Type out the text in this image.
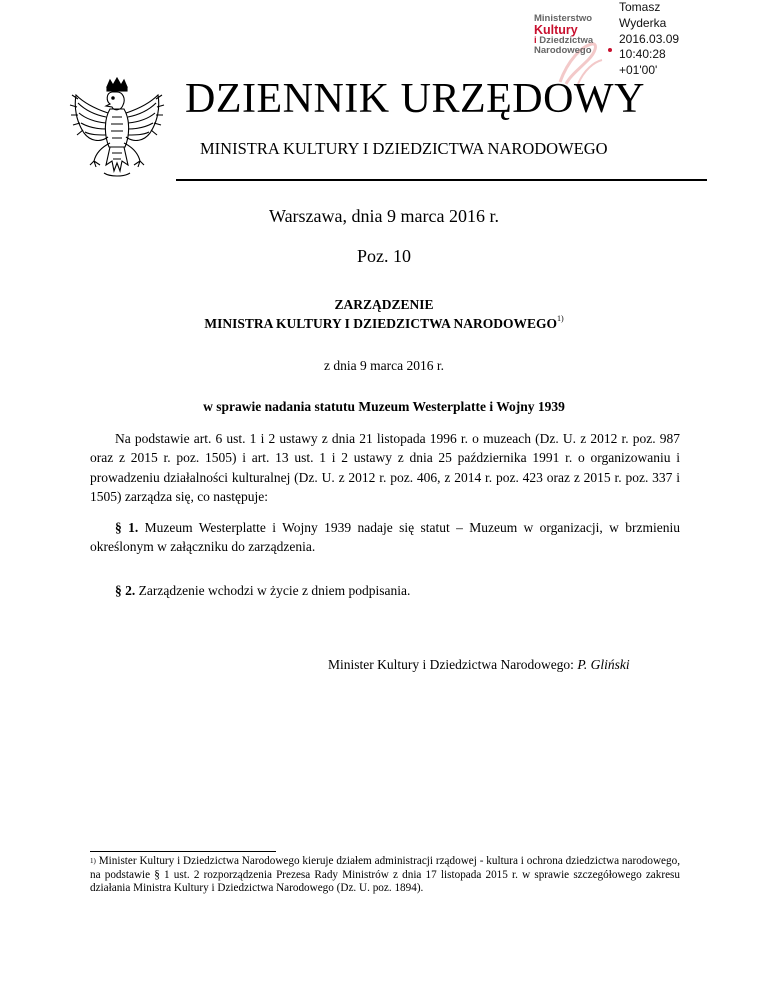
Ministerstwo
Kultury
i Dziedzictwa
Narodowego
Tomasz
Wyderka
2016.03.09
10:40:28
+01'00'
DZIENNIK URZĘDOWY
MINISTRA KULTURY I DZIEDZICTWA NARODOWEGO
Warszawa, dnia 9 marca 2016 r.
Poz. 10
ZARZĄDZENIE
MINISTRA KULTURY I DZIEDZICTWA NARODOWEGO$^{1)}$
z dnia 9 marca 2016 r.
w sprawie nadania statutu Muzeum Westerplatte i Wojny 1939
Na podstawie art. 6 ust. 1 i 2 ustawy z dnia 21 listopada 1996 r. o muzeach (Dz. U. z 2012 r. poz. 987 oraz z 2015 r. poz. 1505) i art. 13 ust. 1 i 2 ustawy z dnia 25 października 1991 r. o organizowaniu i prowadzeniu działalności kulturalnej (Dz. U. z 2012 r. poz. 406, z 2014 r. poz. 423 oraz z 2015 r. poz. 337 i 1505) zarządza się, co następuje:
§ 1. Muzeum Westerplatte i Wojny 1939 nadaje się statut – Muzeum w organizacji, w brzmieniu określonym w załączniku do zarządzenia.
§ 2. Zarządzenie wchodzi w życie z dniem podpisania.
Minister Kultury i Dziedzictwa Narodowego: P. Gliński
$^{1)}$ Minister Kultury i Dziedzictwa Narodowego kieruje działem administracji rządowej - kultura i ochrona dziedzictwa narodowego, na podstawie § 1 ust. 2 rozporządzenia Prezesa Rady Ministrów z dnia 17 listopada 2015 r. w sprawie szczegółowego zakresu działania Ministra Kultury i Dziedzictwa Narodowego (Dz. U. poz. 1894).
